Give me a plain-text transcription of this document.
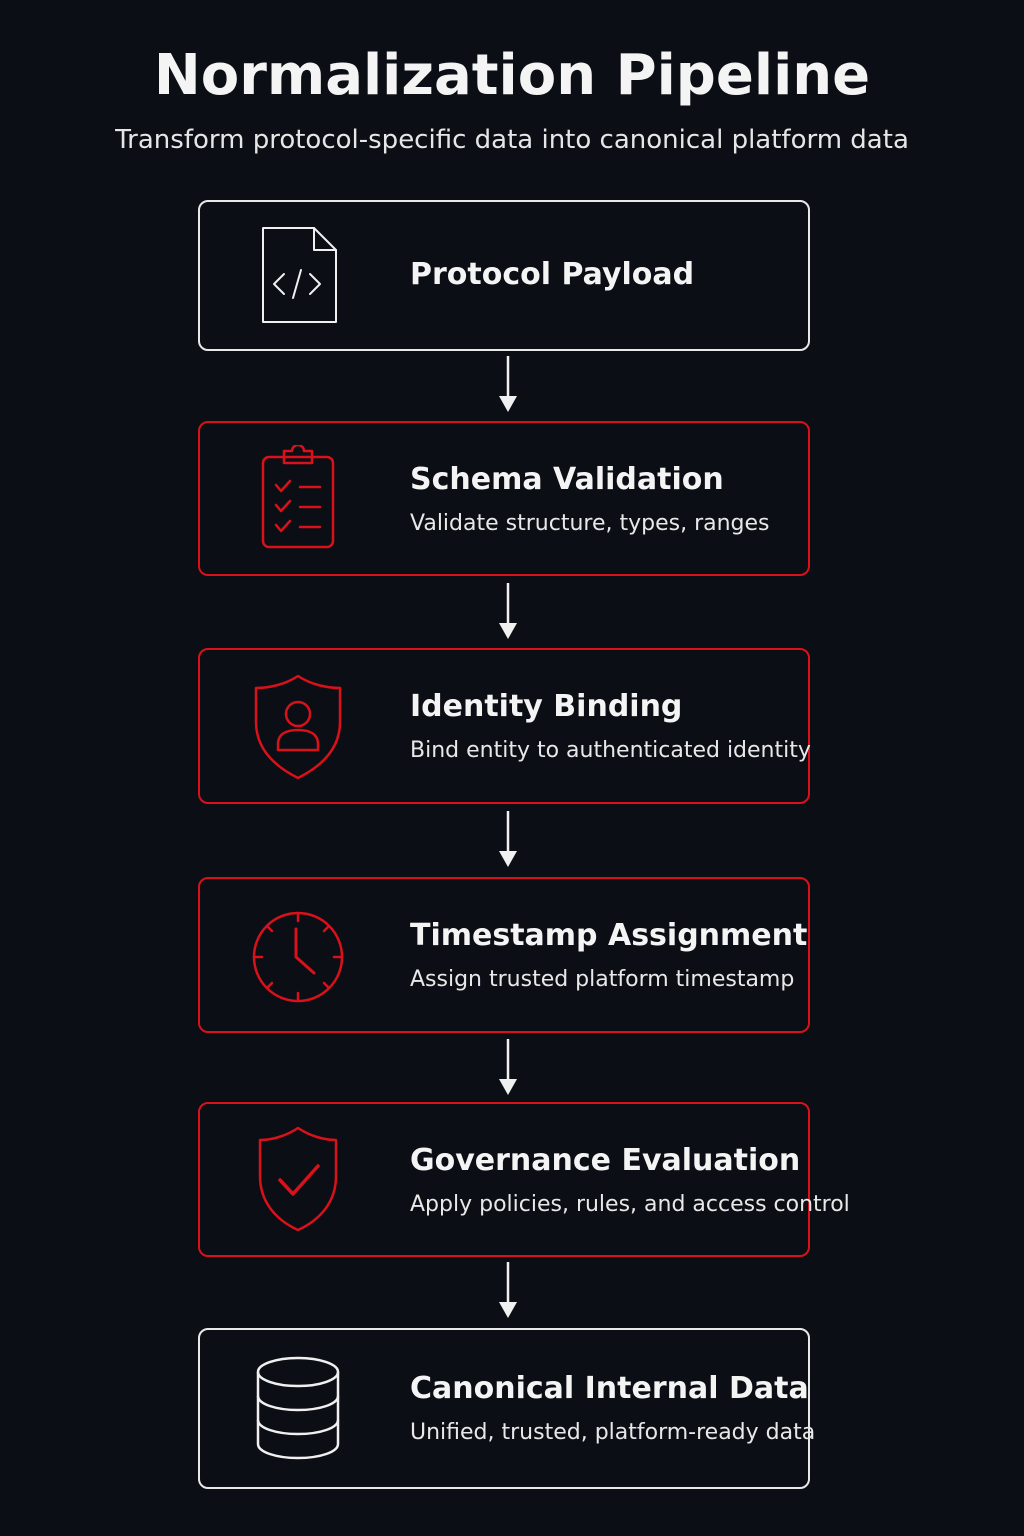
Normalization Pipeline

Transform protocol-specific data into canonical platform data

Protocol Payload
Schema Validation
Validate structure, types, ranges
Identity Binding
Bind entity to authenticated identity
Timestamp Assignment
Assign trusted platform timestamp
Governance Evaluation
Apply policies, rules, and access control
Canonical Internal Data
Unified, trusted, platform-ready data
